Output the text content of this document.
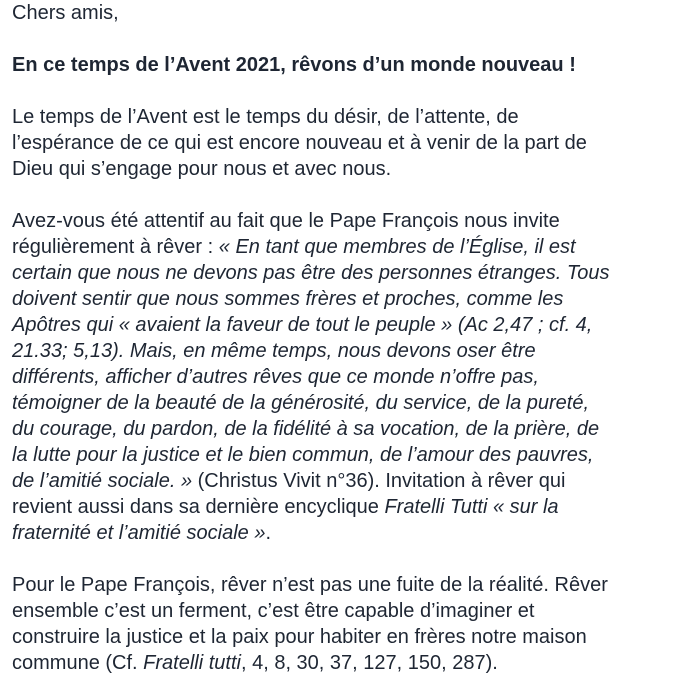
Chers amis,

En ce temps de l’Avent 2021, rêvons d’un monde nouveau !

Le temps de l’Avent est le temps du désir, de l’attente, de
l’espérance de ce qui est encore nouveau et à venir de la part de
Dieu qui s’engage pour nous et avec nous.

Avez-vous été attentif au fait que le Pape François nous invite
régulièrement à rêver : « En tant que membres de l’Église, il est
certain que nous ne devons pas être des personnes étranges. Tous
doivent sentir que nous sommes frères et proches, comme les
Apôtres qui « avaient la faveur de tout le peuple » (Ac 2,47 ; cf. 4,
21.33; 5,13). Mais, en même temps, nous devons oser être
différents, afficher d’autres rêves que ce monde n’offre pas,
témoigner de la beauté de la générosité, du service, de la pureté,
du courage, du pardon, de la fidélité à sa vocation, de la prière, de
la lutte pour la justice et le bien commun, de l’amour des pauvres,
de l’amitié sociale. » (Christus Vivit n°36). Invitation à rêver qui
revient aussi dans sa dernière encyclique Fratelli Tutti « sur la
fraternité et l’amitié sociale ».

Pour le Pape François, rêver n’est pas une fuite de la réalité. Rêver
ensemble c’est un ferment, c’est être capable d’imaginer et
construire la justice et la paix pour habiter en frères notre maison
commune (Cf. Fratelli tutti, 4, 8, 30, 37, 127, 150, 287).
